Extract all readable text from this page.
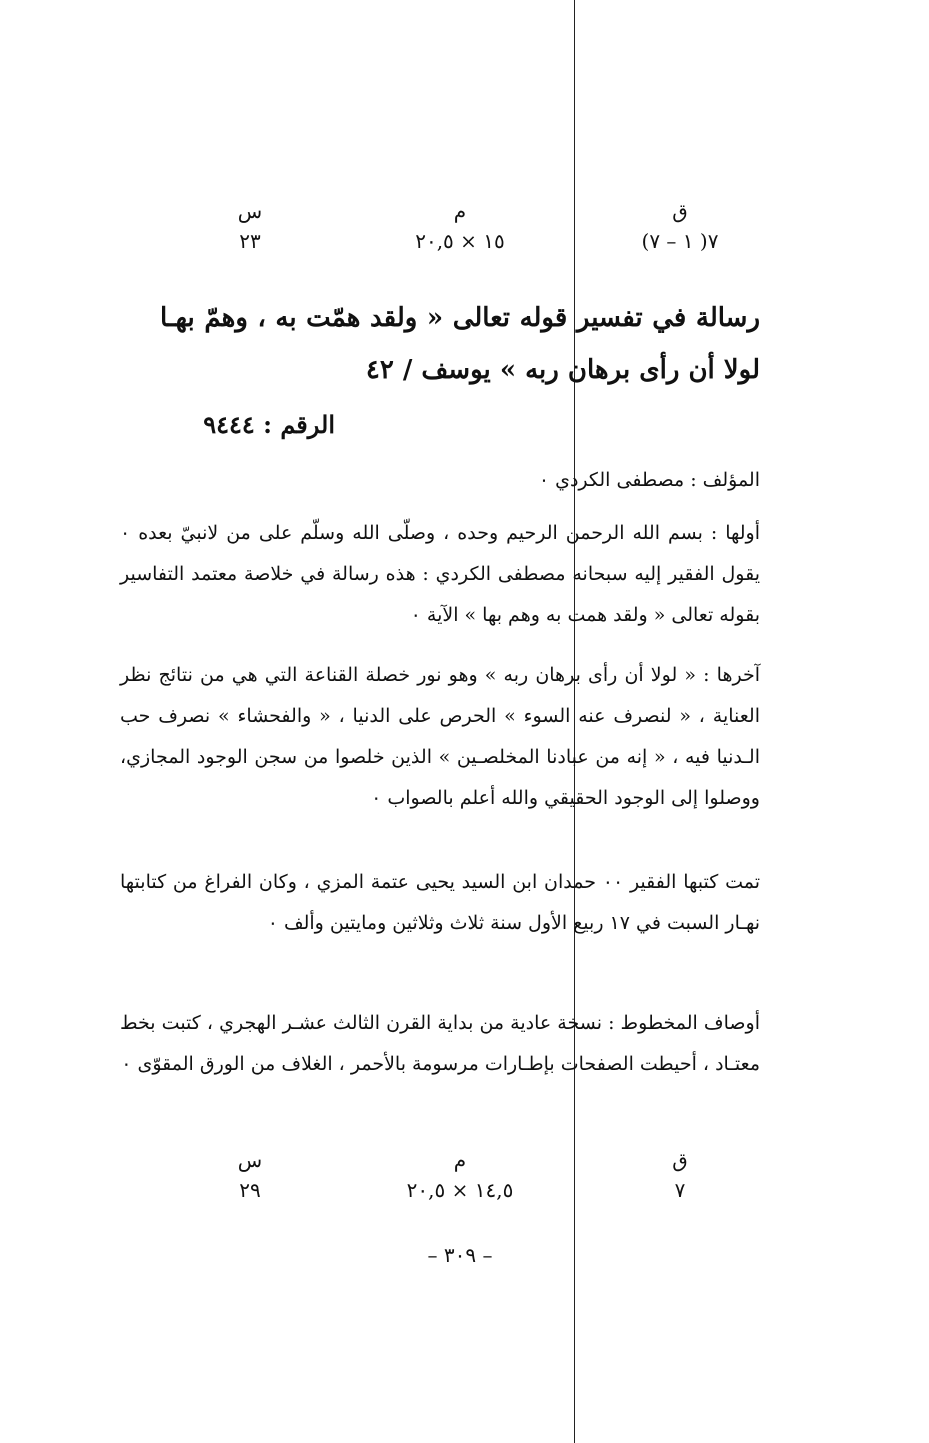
ق
٧( ١ – ٧)
م
١٥ × ٢٠,٥
س
٢٣
رسالة في تفسير قوله تعالى « ولقد همّت به ، وهمّ بهـا
لولا أن رأى برهان ربه » يوسف / ٤٢
الرقم : ٩٤٤٤
المؤلف : مصطفى الكردي ٠
أولها : بسم الله الرحمن الرحيم وحده ، وصلّى الله وسلّم على من لانبيّ بعده ٠ يقول الفقير إليه سبحانه مصطفى الكردي : هذه رسالة في خلاصة معتمد التفاسير بقوله تعالى « ولقد همت به وهم بها » الآية ٠
آخرها : « لولا أن رأى برهان ربه » وهو نور خصلة القناعة التي هي من نتائج نظر العناية ، « لنصرف عنه السوء » الحرص على الدنيا ، « والفحشاء » نصرف حب الـدنيا فيه ، « إنه من عبادنا المخلصـين » الذين خلصوا من سجن الوجود المجازي، ووصلوا إلى الوجود الحقيقي والله أعلم بالصواب ٠
تمت كتبها الفقير ٠٠ حمدان ابن السيد يحيى عتمة المزي ، وكان الفراغ من كتابتها نهـار السبت في ١٧ ربيع الأول سنة ثلاث وثلاثين ومايتين وألف ٠
أوصاف المخطوط : نسخة عادية من بداية القرن الثالث عشـر الهجري ، كتبت بخط معتـاد ، أحيطت الصفحات بإطـارات مرسومة بالأحمر ، الغلاف من الورق المقوّى ٠
ق
٧
م
١٤,٥ × ٢٠,٥
س
٢٩
– ٣٠٩ –
